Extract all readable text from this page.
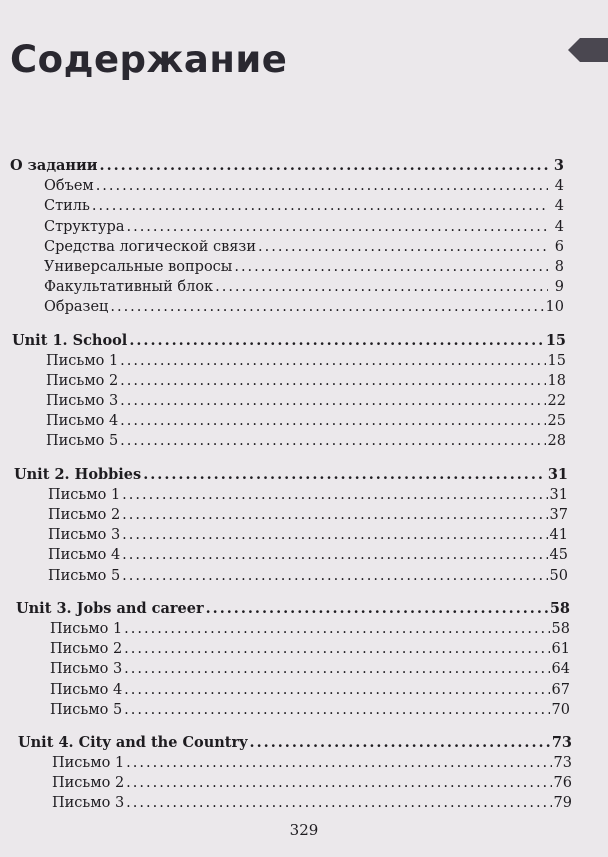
Содержание
О задании .....	3
Объем .....	4
Стиль .....	4
Структура .....	4
Средства логической связи .....	6
Универсальные вопросы .....	8
Факультативный блок .....	9
Образец .....	10
Unit 1. School .....	15
Письмо 1 .....	15
Письмо 2 .....	18
Письмо 3 .....	22
Письмо 4 .....	25
Письмо 5 .....	28
Unit 2. Hobbies .....	31
Письмо 1 .....	31
Письмо 2 .....	37
Письмо 3 .....	41
Письмо 4 .....	45
Письмо 5 .....	50
Unit 3. Jobs and career .....	58
Письмо 1 .....	58
Письмо 2 .....	61
Письмо 3 .....	64
Письмо 4 .....	67
Письмо 5 .....	70
Unit 4. City and the Country .....	73
Письмо 1 .....	73
Письмо 2 .....	76
Письмо 3 .....	79
329
